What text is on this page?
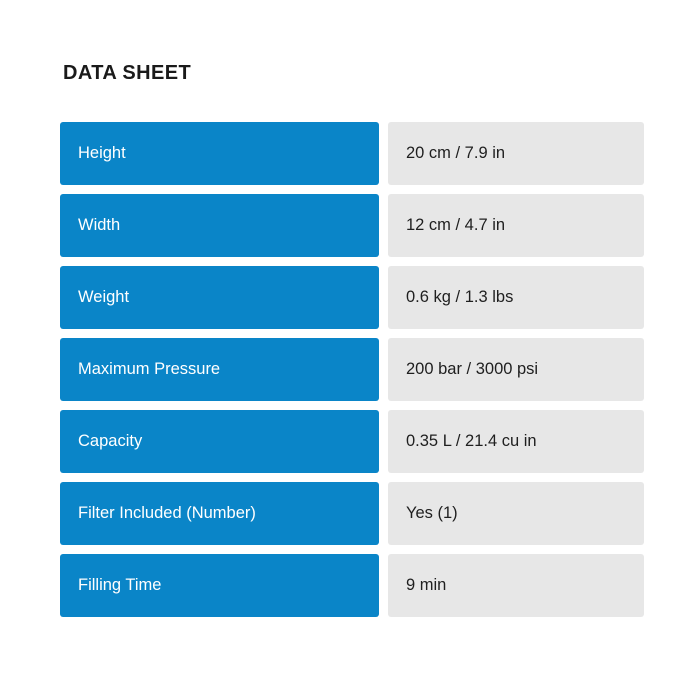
DATA SHEET
Height	20 cm / 7.9 in
Width	12 cm / 4.7 in
Weight	0.6 kg / 1.3 lbs
Maximum Pressure	200 bar / 3000 psi
Capacity	0.35 L / 21.4 cu in
Filter Included (Number)	Yes (1)
Filling Time	9 min
